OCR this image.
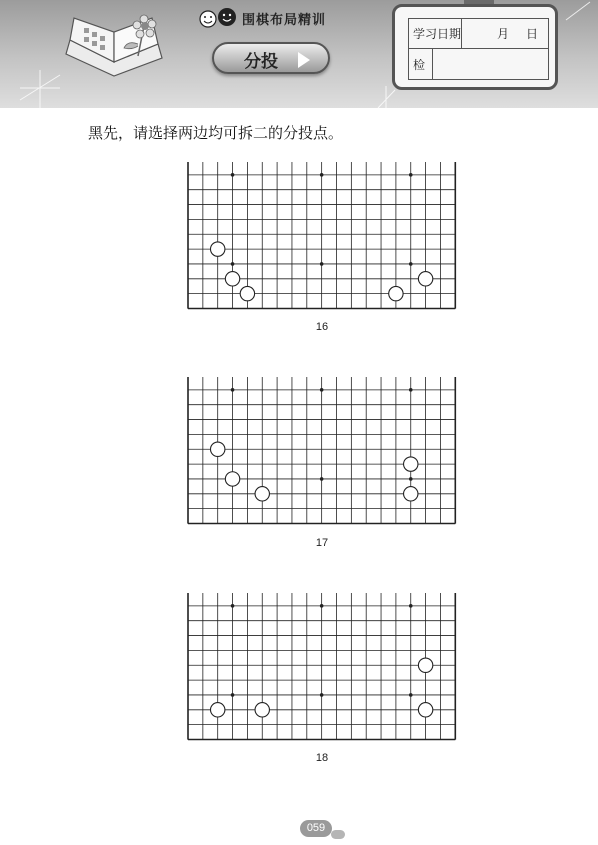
围棋布局精训
分投
学习日期	月 日
检
黑先，请选择两边均可拆二的分投点。
16
17
18
059
